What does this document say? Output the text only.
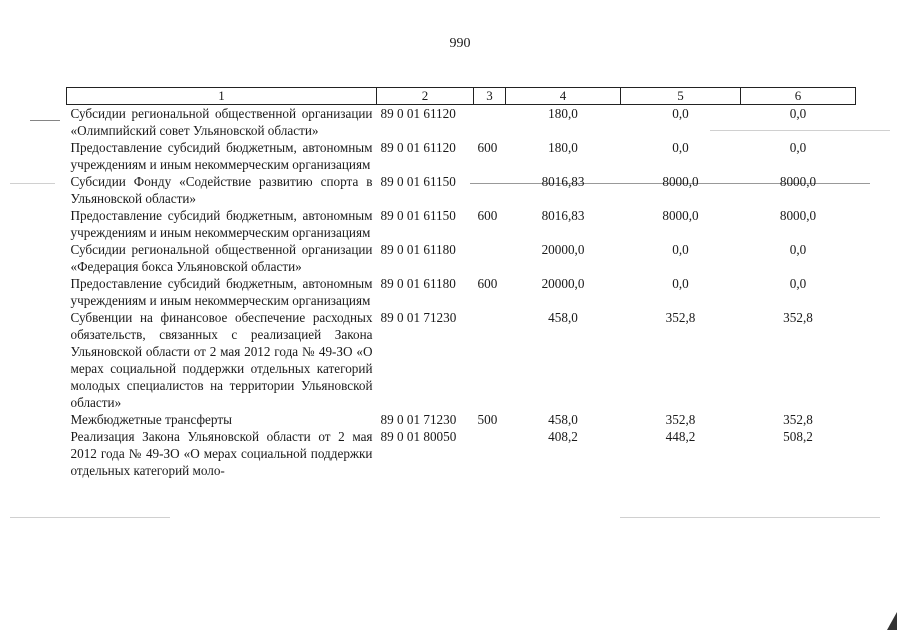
990
1	2	3	4	5	6
Субсидии региональной общественной организации «Олимпийский совет Ульяновской области»	89 0 01 61120		180,0	0,0	0,0
Предоставление субсидий бюджетным, автономным учреждениям и иным некоммерческим организациям	89 0 01 61120	600	180,0	0,0	0,0
Субсидии Фонду «Содействие развитию спорта в Ульяновской области»	89 0 01 61150		8016,83	8000,0	8000,0
Предоставление субсидий бюджетным, автономным учреждениям и иным некоммерческим организациям	89 0 01 61150	600	8016,83	8000,0	8000,0
Субсидии региональной общественной организации «Федерация бокса Ульяновской области»	89 0 01 61180		20000,0	0,0	0,0
Предоставление субсидий бюджетным, автономным учреждениям и иным некоммерческим организациям	89 0 01 61180	600	20000,0	0,0	0,0
Субвенции на финансовое обеспечение расходных обязательств, связанных с реализацией Закона Ульяновской области от 2 мая 2012 года № 49-ЗО «О мерах социальной поддержки отдельных категорий молодых специалистов на территории Ульяновской области»	89 0 01 71230		458,0	352,8	352,8
Межбюджетные трансферты	89 0 01 71230	500	458,0	352,8	352,8

Реализация Закона Ульяновской области от 2 мая 2012 года № 49-ЗО «О мерах социальной поддержки отдельных категорий моло-	89 0 01 80050		408,2	448,2	508,2
